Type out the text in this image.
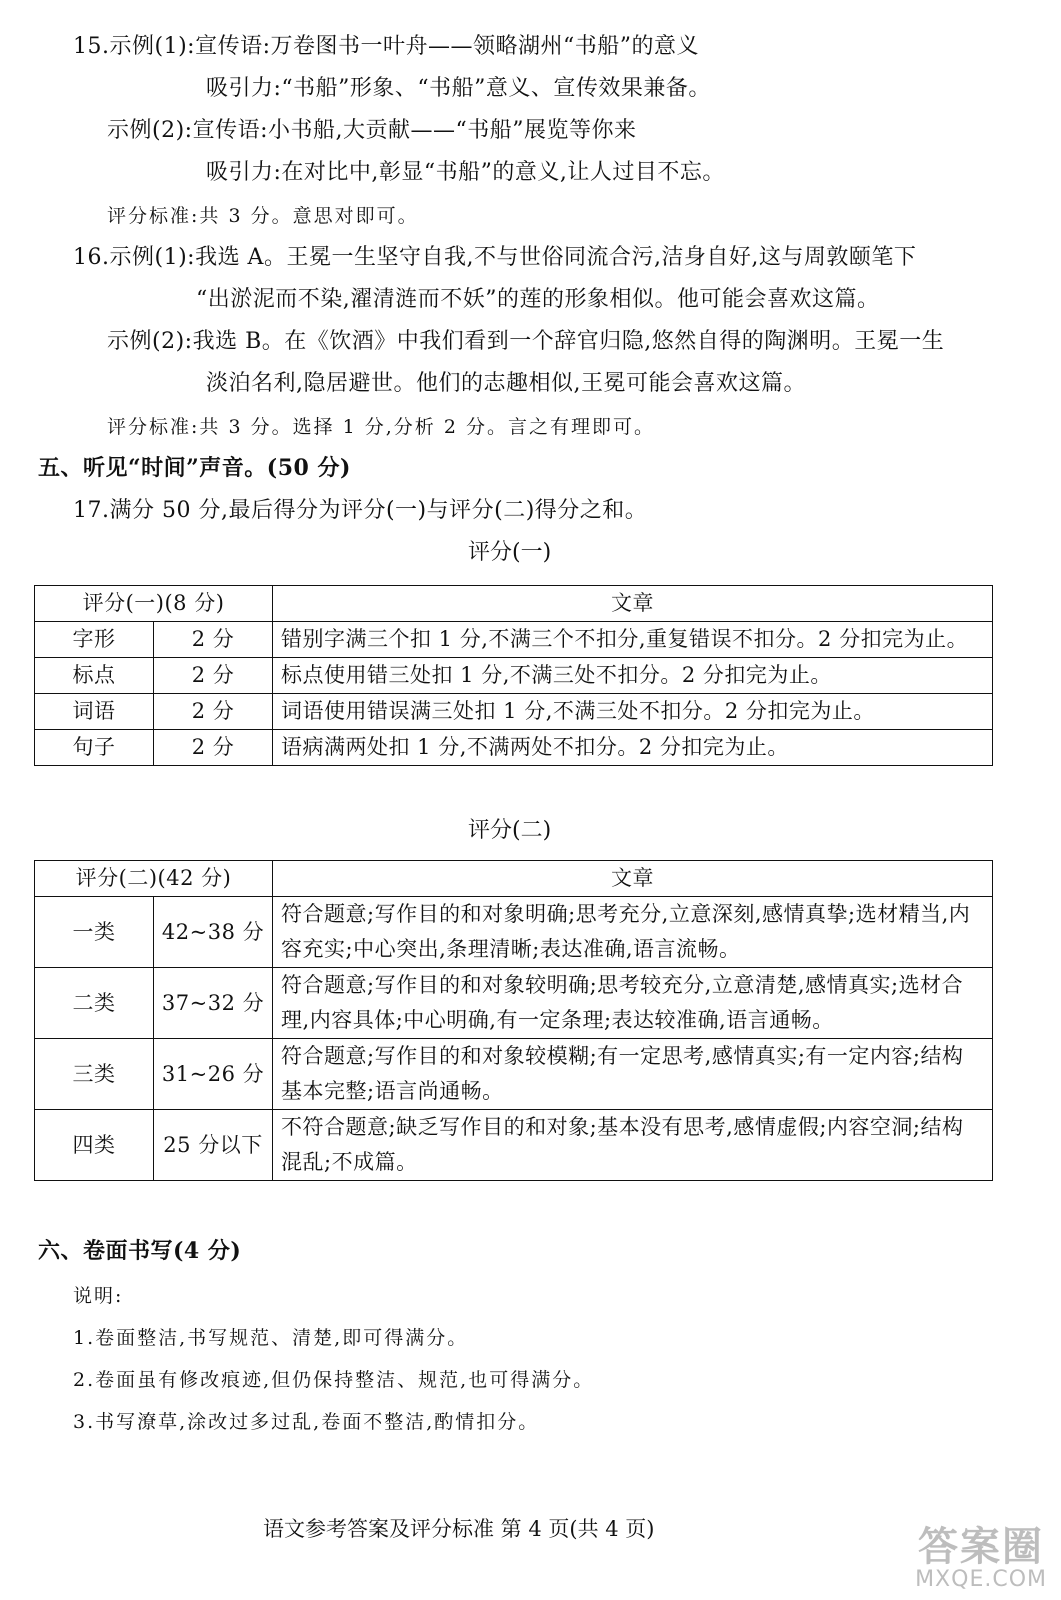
15.示例(1):宣传语:万卷图书一叶舟——领略湖州“书船”的意义
吸引力:“书船”形象、“书船”意义、宣传效果兼备。
示例(2):宣传语:小书船,大贡献——“书船”展览等你来
吸引力:在对比中,彰显“书船”的意义,让人过目不忘。
评分标准:共 3 分。意思对即可。
16.示例(1):我选 A。王冕一生坚守自我,不与世俗同流合污,洁身自好,这与周敦颐笔下
“出淤泥而不染,濯清涟而不妖”的莲的形象相似。他可能会喜欢这篇。
示例(2):我选 B。在《饮酒》中我们看到一个辞官归隐,悠然自得的陶渊明。王冕一生
淡泊名利,隐居避世。他们的志趣相似,王冕可能会喜欢这篇。
评分标准:共 3 分。选择 1 分,分析 2 分。言之有理即可。
五、听见“时间”声音。(50 分)
17.满分 50 分,最后得分为评分(一)与评分(二)得分之和。
评分(一)
评分(一)(8 分)		文章
字形	2 分	错别字满三个扣 1 分,不满三个不扣分,重复错误不扣分。2 分扣完为止。
标点	2 分	标点使用错三处扣 1 分,不满三处不扣分。2 分扣完为止。
词语	2 分	词语使用错误满三处扣 1 分,不满三处不扣分。2 分扣完为止。
句子	2 分	语病满两处扣 1 分,不满两处不扣分。2 分扣完为止。
评分(二)
评分(二)(42 分)		文章
一类	42~38 分	符合题意;写作目的和对象明确;思考充分,立意深刻,感情真挚;选材精当,内容充实;中心突出,条理清晰;表达准确,语言流畅。
二类	37~32 分	符合题意;写作目的和对象较明确;思考较充分,立意清楚,感情真实;选材合理,内容具体;中心明确,有一定条理;表达较准确,语言通畅。
三类	31~26 分	符合题意;写作目的和对象较模糊;有一定思考,感情真实;有一定内容;结构基本完整;语言尚通畅。
四类	25 分以下	不符合题意;缺乏写作目的和对象;基本没有思考,感情虚假;内容空洞;结构混乱;不成篇。
六、卷面书写(4 分)
说明:
1.卷面整洁,书写规范、清楚,即可得满分。
2.卷面虽有修改痕迹,但仍保持整洁、规范,也可得满分。
3.书写潦草,涂改过多过乱,卷面不整洁,酌情扣分。
语文参考答案及评分标准 第 4 页(共 4 页)	答案圈
MXQE.COM
